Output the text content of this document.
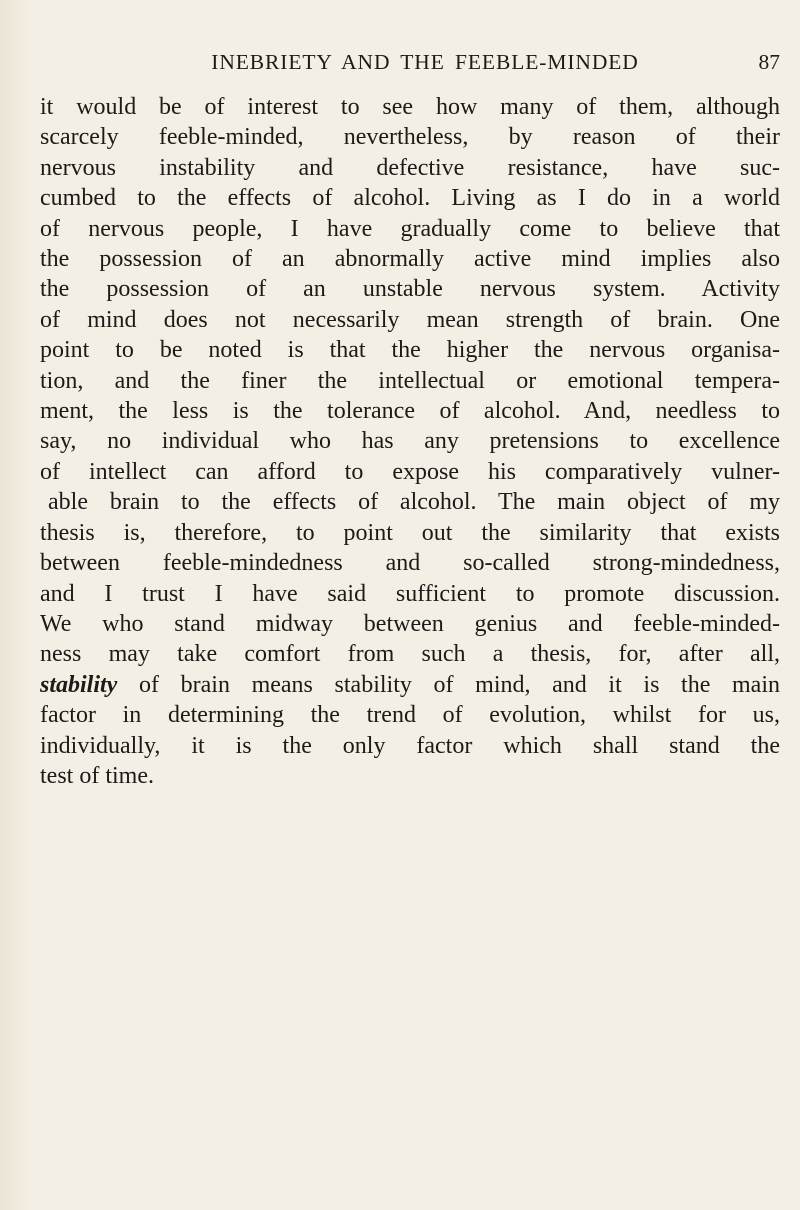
INEBRIETY AND THE FEEBLE-MINDED	87
it would be of interest to see how many of them, although
scarcely feeble-minded, nevertheless, by reason of their
nervous instability and defective resistance, have suc-
cumbed to the effects of alcohol. Living as I do in a world
of nervous people, I have gradually come to believe that
the possession of an abnormally active mind implies also
the possession of an unstable nervous system. Activity
of mind does not necessarily mean strength of brain. One
point to be noted is that the higher the nervous organisa-
tion, and the finer the intellectual or emotional tempera-
ment, the less is the tolerance of alcohol. And, needless to
say, no individual who has any pretensions to excellence
of intellect can afford to expose his comparatively vulner-
able brain to the effects of alcohol. The main object of my
thesis is, therefore, to point out the similarity that exists
between feeble-mindedness and so-called strong-mindedness,
and I trust I have said sufficient to promote discussion.
We who stand midway between genius and feeble-minded-
ness may take comfort from such a thesis, for, after all,
stability of brain means stability of mind, and it is the main
factor in determining the trend of evolution, whilst for us,
individually, it is the only factor which shall stand the
test of time.
